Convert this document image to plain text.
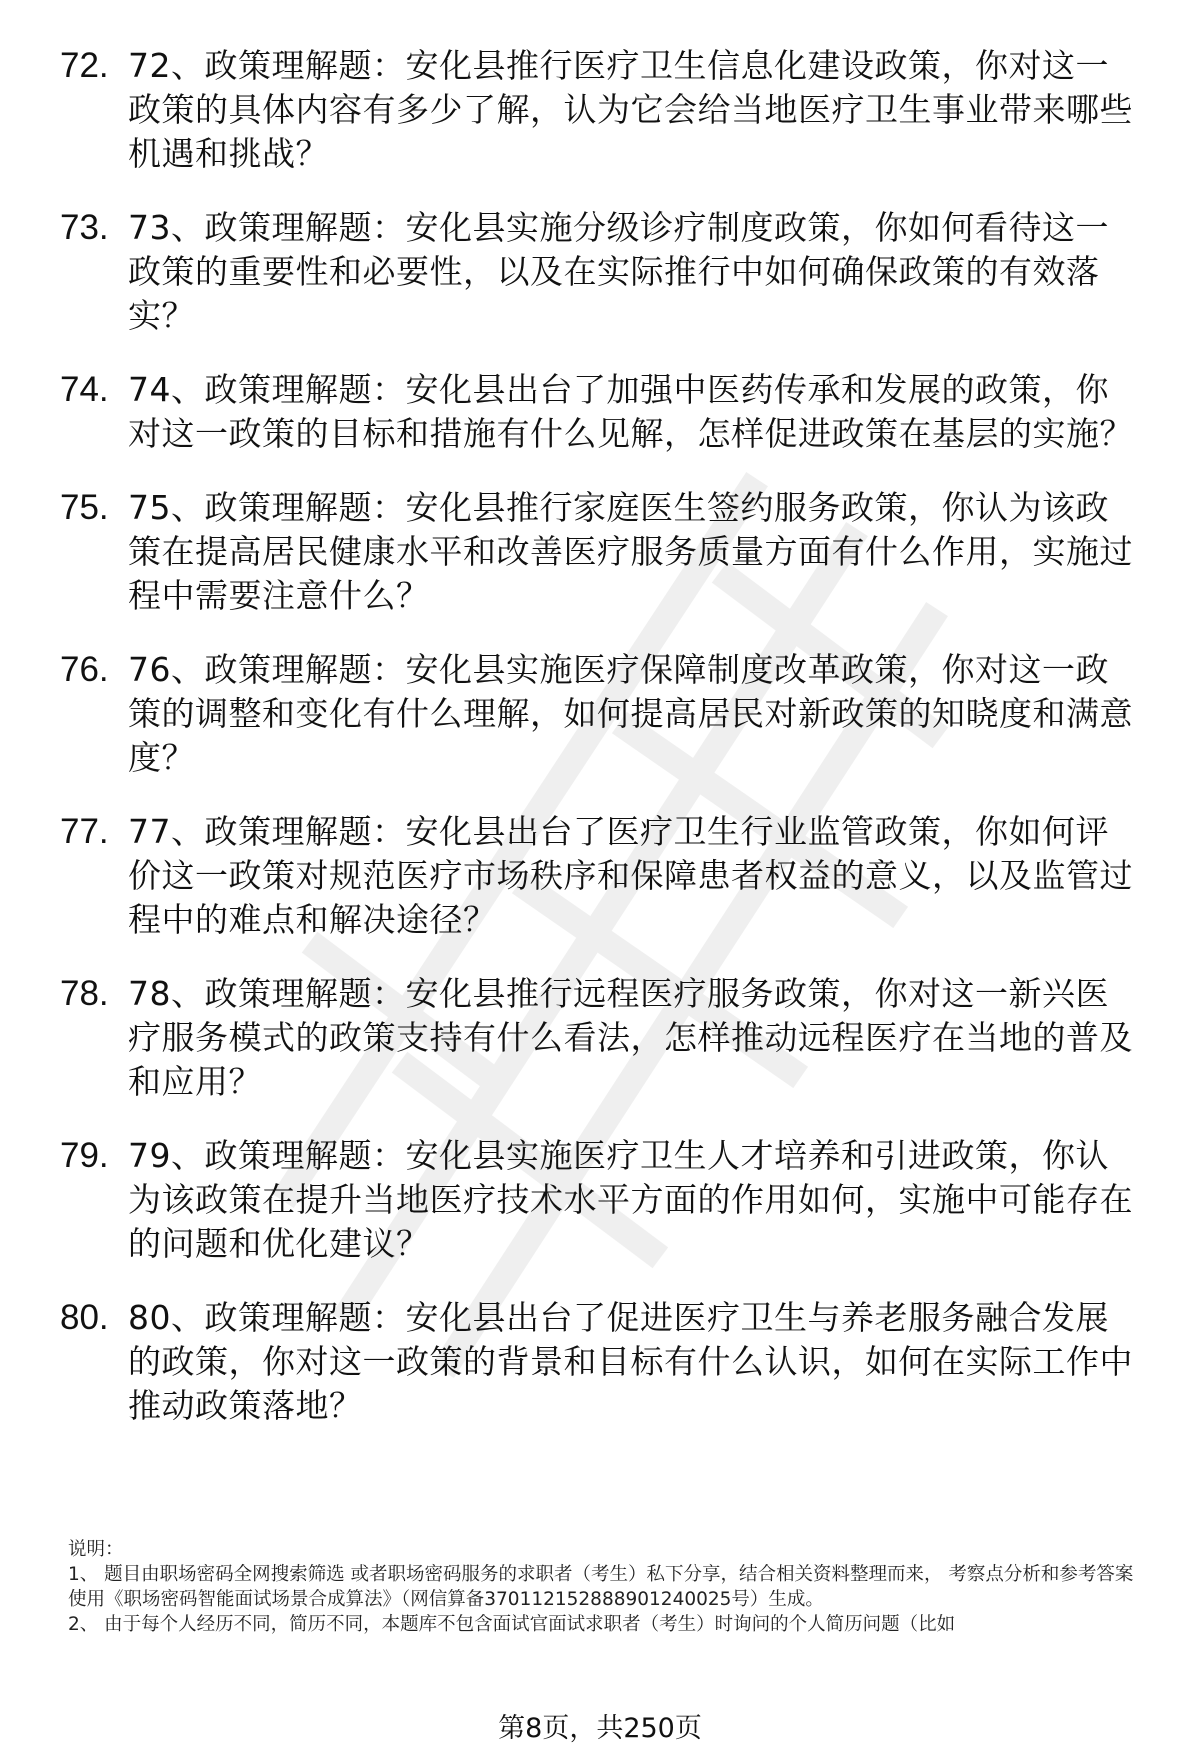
72. 72、政策理解题：安化县推行医疗卫生信息化建设政策，你对这一政策的具体内容有多少了解，认为它会给当地医疗卫生事业带来哪些机遇和挑战？
73. 73、政策理解题：安化县实施分级诊疗制度政策，你如何看待这一政策的重要性和必要性，以及在实际推行中如何确保政策的有效落实？
74. 74、政策理解题：安化县出台了加强中医药传承和发展的政策，你对这一政策的目标和措施有什么见解，怎样促进政策在基层的实施？
75. 75、政策理解题：安化县推行家庭医生签约服务政策，你认为该政策在提高居民健康水平和改善医疗服务质量方面有什么作用，实施过程中需要注意什么？
76. 76、政策理解题：安化县实施医疗保障制度改革政策，你对这一政策的调整和变化有什么理解，如何提高居民对新政策的知晓度和满意度？
77. 77、政策理解题：安化县出台了医疗卫生行业监管政策，你如何评价这一政策对规范医疗市场秩序和保障患者权益的意义，以及监管过程中的难点和解决途径？
78. 78、政策理解题：安化县推行远程医疗服务政策，你对这一新兴医疗服务模式的政策支持有什么看法，怎样推动远程医疗在当地的普及和应用？
79. 79、政策理解题：安化县实施医疗卫生人才培养和引进政策，你认为该政策在提升当地医疗技术水平方面的作用如何，实施中可能存在的问题和优化建议？
80. 80、政策理解题：安化县出台了促进医疗卫生与养老服务融合发展的政策，你对这一政策的背景和目标有什么认识，如何在实际工作中推动政策落地？

说明：

1、 题目由职场密码全网搜索筛选 或者职场密码服务的求职者（考生）私下分享，结合相关资料整理而来， 考察点分析和参考答案使用《职场密码智能面试场景合成算法》（网信算备370112152888901240025号）生成。

2、 由于每个人经历不同，简历不同，本题库不包含面试官面试求职者（考生）时询问的个人简历问题（比如

第8页，共250页
